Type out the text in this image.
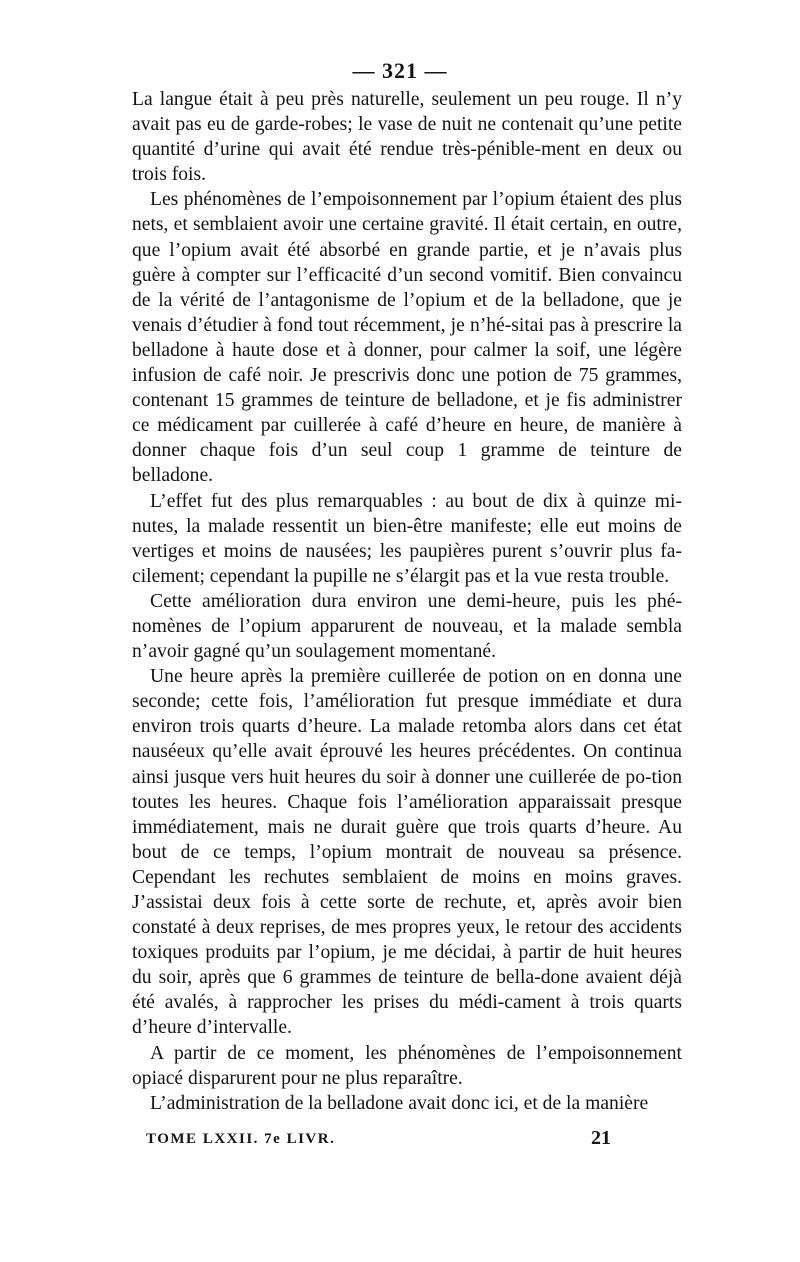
— 321 —

La langue était à peu près naturelle, seulement un peu rouge. Il n’y avait pas eu de garde-robes; le vase de nuit ne contenait qu’une petite quantité d’urine qui avait été rendue très-pénible-ment en deux ou trois fois.

Les phénomènes de l’empoisonnement par l’opium étaient des plus nets, et semblaient avoir une certaine gravité. Il était certain, en outre, que l’opium avait été absorbé en grande partie, et je n’avais plus guère à compter sur l’efficacité d’un second vomitif. Bien convaincu de la vérité de l’antagonisme de l’opium et de la belladone, que je venais d’étudier à fond tout récemment, je n’hé-sitai pas à prescrire la belladone à haute dose et à donner, pour calmer la soif, une légère infusion de café noir. Je prescrivis donc une potion de 75 grammes, contenant 15 grammes de teinture de belladone, et je fis administrer ce médicament par cuillerée à café d’heure en heure, de manière à donner chaque fois d’un seul coup 1 gramme de teinture de belladone.

L’effet fut des plus remarquables : au bout de dix à quinze mi-nutes, la malade ressentit un bien-être manifeste; elle eut moins de vertiges et moins de nausées; les paupières purent s’ouvrir plus fa-cilement; cependant la pupille ne s’élargit pas et la vue resta trouble.

Cette amélioration dura environ une demi-heure, puis les phé-nomènes de l’opium apparurent de nouveau, et la malade sembla n’avoir gagné qu’un soulagement momentané.

Une heure après la première cuillerée de potion on en donna une seconde; cette fois, l’amélioration fut presque immédiate et dura environ trois quarts d’heure. La malade retomba alors dans cet état nauséeux qu’elle avait éprouvé les heures précédentes. On continua ainsi jusque vers huit heures du soir à donner une cuillerée de po-tion toutes les heures. Chaque fois l’amélioration apparaissait presque immédiatement, mais ne durait guère que trois quarts d’heure. Au bout de ce temps, l’opium montrait de nouveau sa présence. Cependant les rechutes semblaient de moins en moins graves. J’assistai deux fois à cette sorte de rechute, et, après avoir bien constaté à deux reprises, de mes propres yeux, le retour des accidents toxiques produits par l’opium, je me décidai, à partir de huit heures du soir, après que 6 grammes de teinture de bella-done avaient déjà été avalés, à rapprocher les prises du médi-cament à trois quarts d’heure d’intervalle.

A partir de ce moment, les phénomènes de l’empoisonnement opiacé disparurent pour ne plus reparaître.

L’administration de la belladone avait donc ici, et de la manière

TOME LXXII. 7e LIVR.	21
